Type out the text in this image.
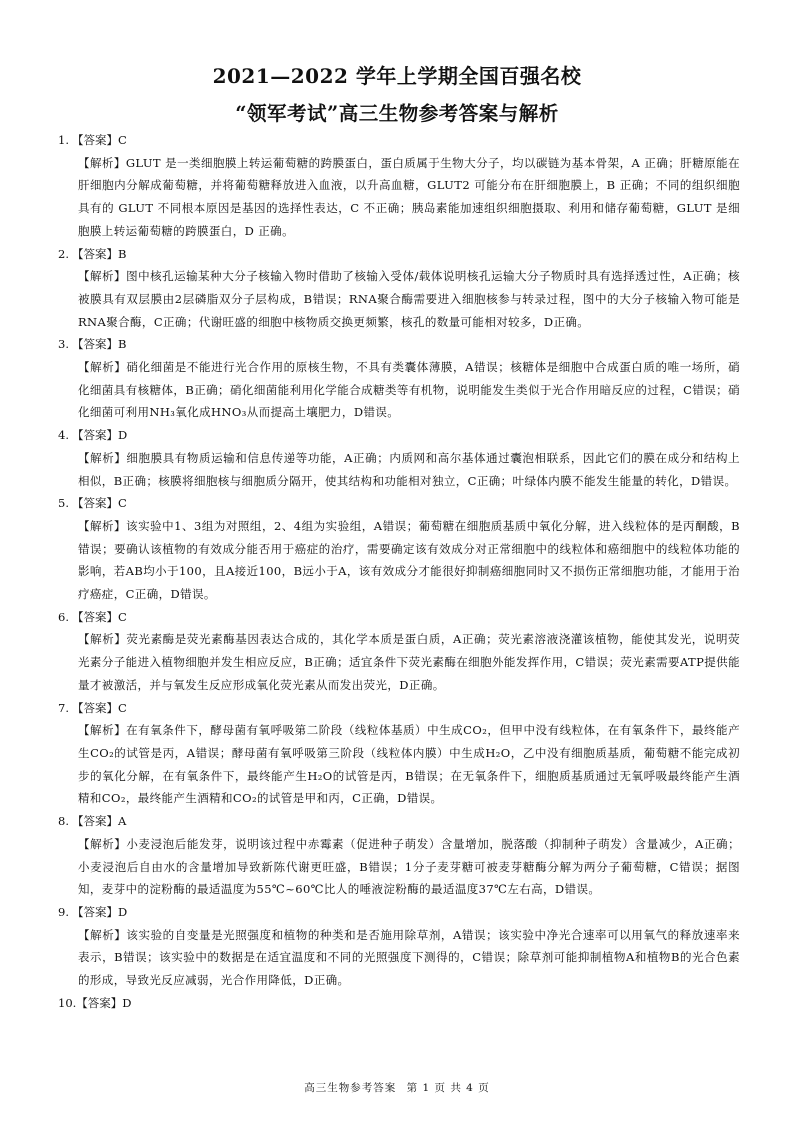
2021—2022 学年上学期全国百强名校
“领军考试”高三生物参考答案与解析
1. 【答案】C

【解析】GLUT 是一类细胞膜上转运葡萄糖的跨膜蛋白，蛋白质属于生物大分子，均以碳链为基本骨架，A 正确；肝糖原能在肝细胞内分解成葡萄糖，并将葡萄糖释放进入血液，以升高血糖，GLUT2 可能分布在肝细胞膜上，B 正确；不同的组织细胞具有的 GLUT 不同根本原因是基因的选择性表达，C 不正确；胰岛素能加速组织细胞摄取、利用和储存葡萄糖，GLUT 是细胞膜上转运葡萄糖的跨膜蛋白，D 正确。

2. 【答案】B

【解析】图中核孔运输某种大分子核输入物时借助了核输入受体/载体说明核孔运输大分子物质时具有选择透过性，A正确；核被膜具有双层膜由2层磷脂双分子层构成，B错误；RNA聚合酶需要进入细胞核参与转录过程，图中的大分子核输入物可能是RNA聚合酶，C正确；代谢旺盛的细胞中核物质交换更频繁，核孔的数量可能相对较多，D正确。

3. 【答案】B

【解析】硝化细菌是不能进行光合作用的原核生物，不具有类囊体薄膜，A错误；核糖体是细胞中合成蛋白质的唯一场所，硝化细菌具有核糖体，B正确；硝化细菌能利用化学能合成糖类等有机物，说明能发生类似于光合作用暗反应的过程，C错误；硝化细菌可利用NH₃氧化成HNO₃从而提高土壤肥力，D错误。

4. 【答案】D

【解析】细胞膜具有物质运输和信息传递等功能，A正确；内质网和高尔基体通过囊泡相联系，因此它们的膜在成分和结构上相似，B正确；核膜将细胞核与细胞质分隔开，使其结构和功能相对独立，C正确；叶绿体内膜不能发生能量的转化，D错误。

5. 【答案】C

【解析】该实验中1、3组为对照组，2、4组为实验组，A错误；葡萄糖在细胞质基质中氧化分解，进入线粒体的是丙酮酸，B错误；要确认该植物的有效成分能否用于癌症的治疗，需要确定该有效成分对正常细胞中的线粒体和癌细胞中的线粒体功能的影响，若AB均小于100，且A接近100，B远小于A，该有效成分才能很好抑制癌细胞同时又不损伤正常细胞功能，才能用于治疗癌症，C正确，D错误。

6. 【答案】C

【解析】荧光素酶是荧光素酶基因表达合成的，其化学本质是蛋白质，A正确；荧光素溶液浇灌该植物，能使其发光，说明荧光素分子能进入植物细胞并发生相应反应，B正确；适宜条件下荧光素酶在细胞外能发挥作用，C错误；荧光素需要ATP提供能量才被激活，并与氧发生反应形成氧化荧光素从而发出荧光，D正确。

7. 【答案】C

【解析】在有氧条件下，酵母菌有氧呼吸第二阶段（线粒体基质）中生成CO₂，但甲中没有线粒体，在有氧条件下，最终能产生CO₂的试管是丙，A错误；酵母菌有氧呼吸第三阶段（线粒体内膜）中生成H₂O，乙中没有细胞质基质，葡萄糖不能完成初步的氧化分解，在有氧条件下，最终能产生H₂O的试管是丙，B错误；在无氧条件下，细胞质基质通过无氧呼吸最终能产生酒精和CO₂，最终能产生酒精和CO₂的试管是甲和丙，C正确，D错误。

8. 【答案】A

【解析】小麦浸泡后能发芽，说明该过程中赤霉素（促进种子萌发）含量增加，脱落酸（抑制种子萌发）含量减少，A正确；小麦浸泡后自由水的含量增加导致新陈代谢更旺盛，B错误；1分子麦芽糖可被麦芽糖酶分解为两分子葡萄糖，C错误；据图知，麦芽中的淀粉酶的最适温度为55℃~60℃比人的唾液淀粉酶的最适温度37℃左右高，D错误。

9. 【答案】D

【解析】该实验的自变量是光照强度和植物的种类和是否施用除草剂，A错误；该实验中净光合速率可以用氧气的释放速率来表示，B错误；该实验中的数据是在适宜温度和不同的光照强度下测得的，C错误；除草剂可能抑制植物A和植物B的光合色素的形成，导致光反应减弱，光合作用降低，D正确。

10.【答案】D
高三生物参考答案 第 1 页 共 4 页
